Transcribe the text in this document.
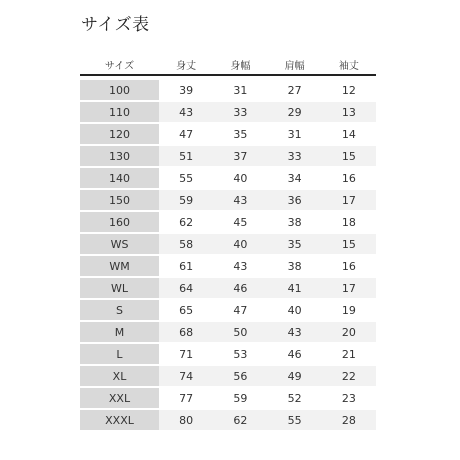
サイズ表
サイズ	身丈	身幅	肩幅	袖丈
100	39	31	27	12
110	43	33	29	13
120	47	35	31	14
130	51	37	33	15
140	55	40	34	16
150	59	43	36	17
160	62	45	38	18
WS	58	40	35	15
WM	61	43	38	16
WL	64	46	41	17
S	65	47	40	19
M	68	50	43	20
L	71	53	46	21
XL	74	56	49	22
XXL	77	59	52	23
XXXL	80	62	55	28
